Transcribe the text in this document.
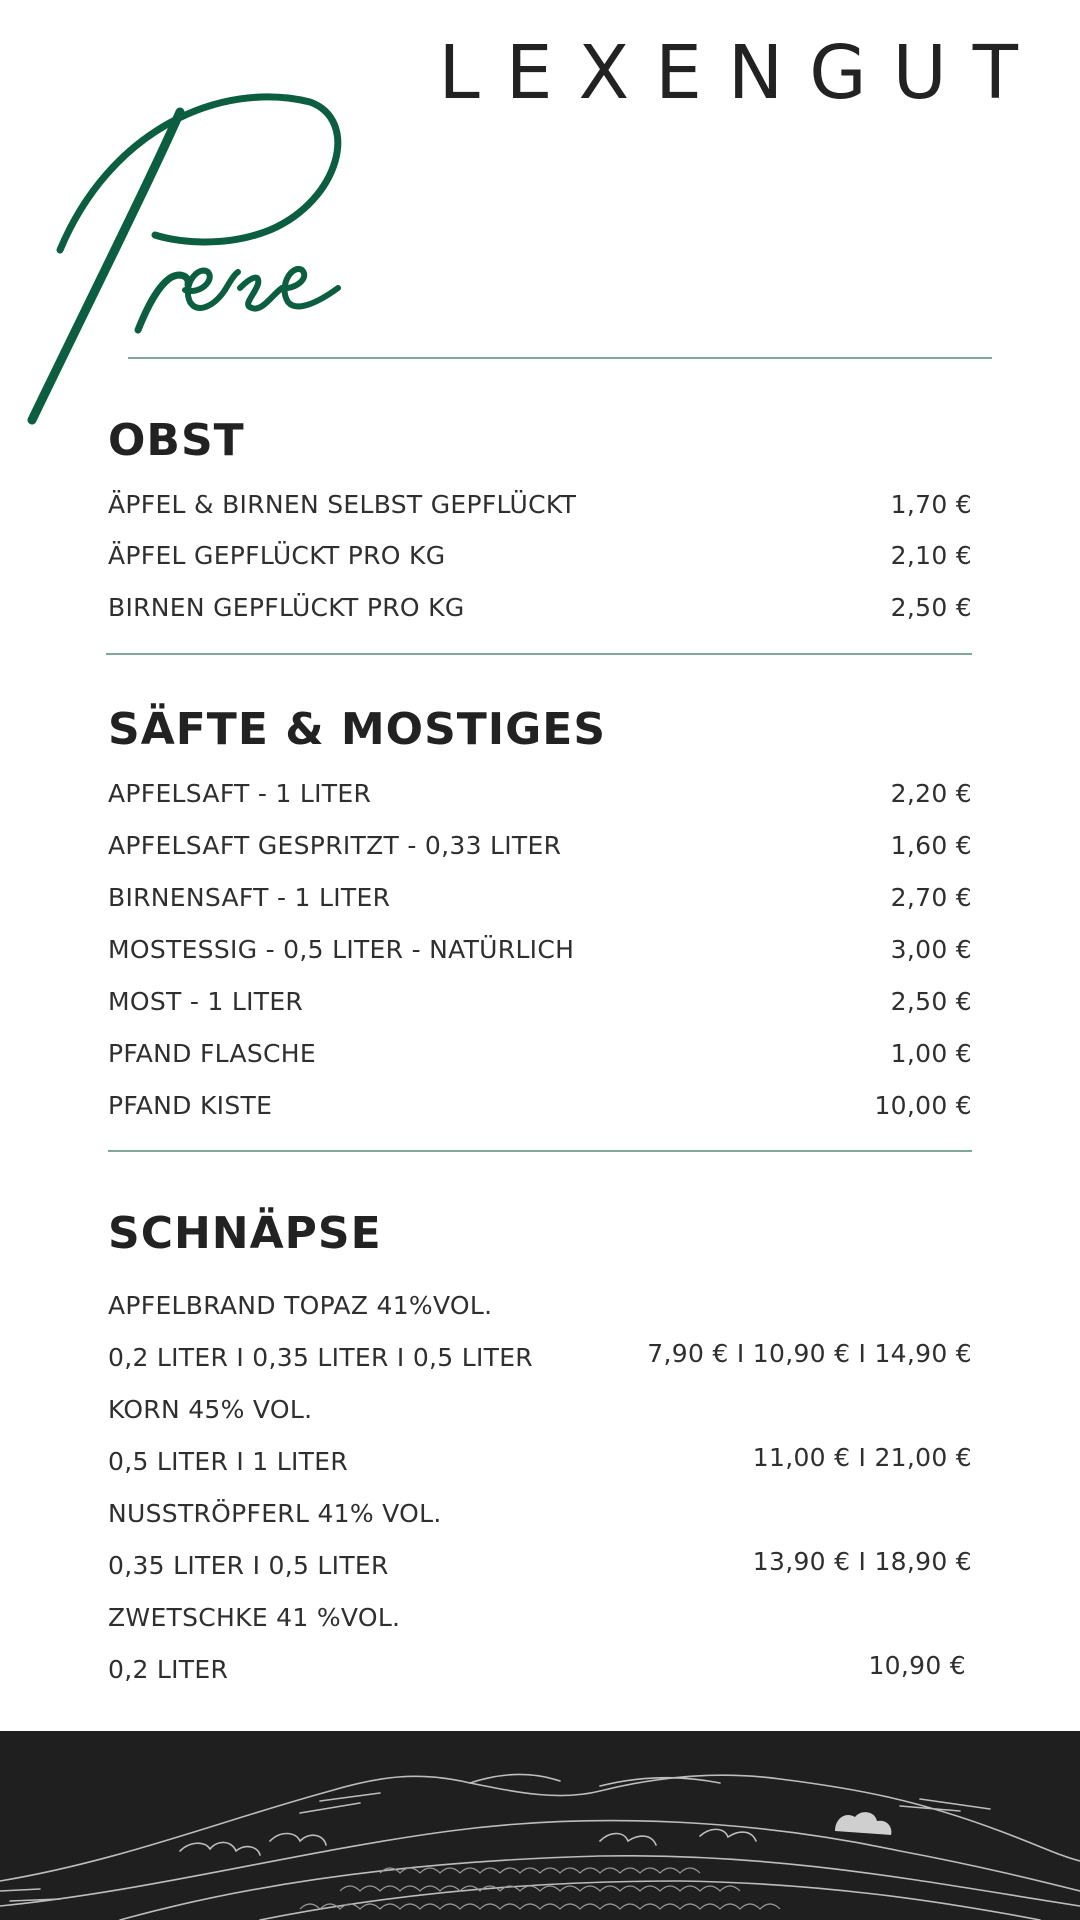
LEXENGUT
OBST
ÄPFEL & BIRNEN SELBST GEPFLÜCKT	1,70 €
ÄPFEL GEPFLÜCKT PRO KG	2,10 €
BIRNEN GEPFLÜCKT PRO KG	2,50 €
SÄFTE & MOSTIGES
APFELSAFT - 1 LITER	2,20 €
APFELSAFT GESPRITZT - 0,33 LITER	1,60 €
BIRNENSAFT - 1 LITER	2,70 €
MOSTESSIG - 0,5 LITER - NATÜRLICH	3,00 €
MOST - 1 LITER	2,50 €
PFAND FLASCHE	1,00 €
PFAND KISTE	10,00 €
SCHNÄPSE
APFELBRAND TOPAZ 41%VOL.
0,2 LITER I 0,35 LITER I 0,5 LITER	7,90 € I 10,90 € I 14,90 €
KORN 45% VOL.
0,5 LITER I 1 LITER	11,00 € I 21,00 €
NUSSTRÖPFERL 41% VOL.
0,35 LITER I 0,5 LITER	13,90 € I 18,90 €
ZWETSCHKE 41 %VOL.
0,2 LITER	10,90 €
